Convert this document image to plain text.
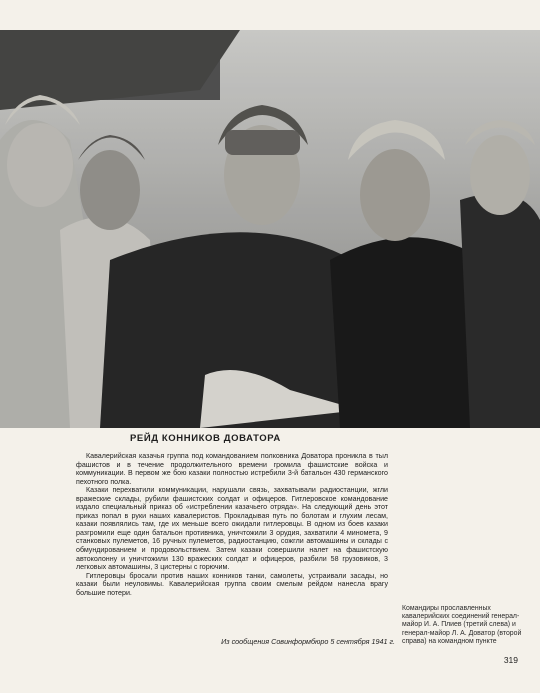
РЕЙД КОННИКОВ ДОВАТОРА

Кавалерийская казачья группа под командованием полковника Доватора проникла в тыл фашистов и в течение продолжительного времени громила фашистские войска и коммуникации. В первом же бою казаки полностью истребили 3-й батальон 430 германского пехотного полка.

Казаки перехватили коммуникации, нарушали связь, захватывали радиостанции, жгли вражеские склады, рубили фашистских солдат и офицеров. Гитлеровское командование издало специальный приказ об «истреблении казачьего отряда». На следующий день этот приказ попал в руки наших кавалеристов. Прокладывая путь по болотам и глухим лесам, казаки появлялись там, где их меньше всего ожидали гитлеровцы. В одном из боев казаки разгромили еще один батальон противника, уничтожили 3 орудия, захватили 4 миномета, 9 станковых пулеметов, 16 ручных пулеметов, радиостанцию, сожгли автомашины и склады с обмундированием и продовольствием. Затем казаки совершили налет на фашистскую автоколонну и уничтожили 130 вражеских солдат и офицеров, разбили 58 грузовиков, 3 легковых автомашины, 3 цистерны с горючим.

Гитлеровцы бросали против наших конников танки, самолеты, устраивали засады, но казаки были неуловимы. Кавалерийская группа своим смелым рейдом нанесла врагу большие потери.

Из сообщения Совинформбюро 5 сентября 1941 г.
Командиры прославленных кавалерийских соединений генерал-майор И. А. Плиев (третий слева) и генерал-майор Л. А. Доватор (второй справа) на командном пункте
319
